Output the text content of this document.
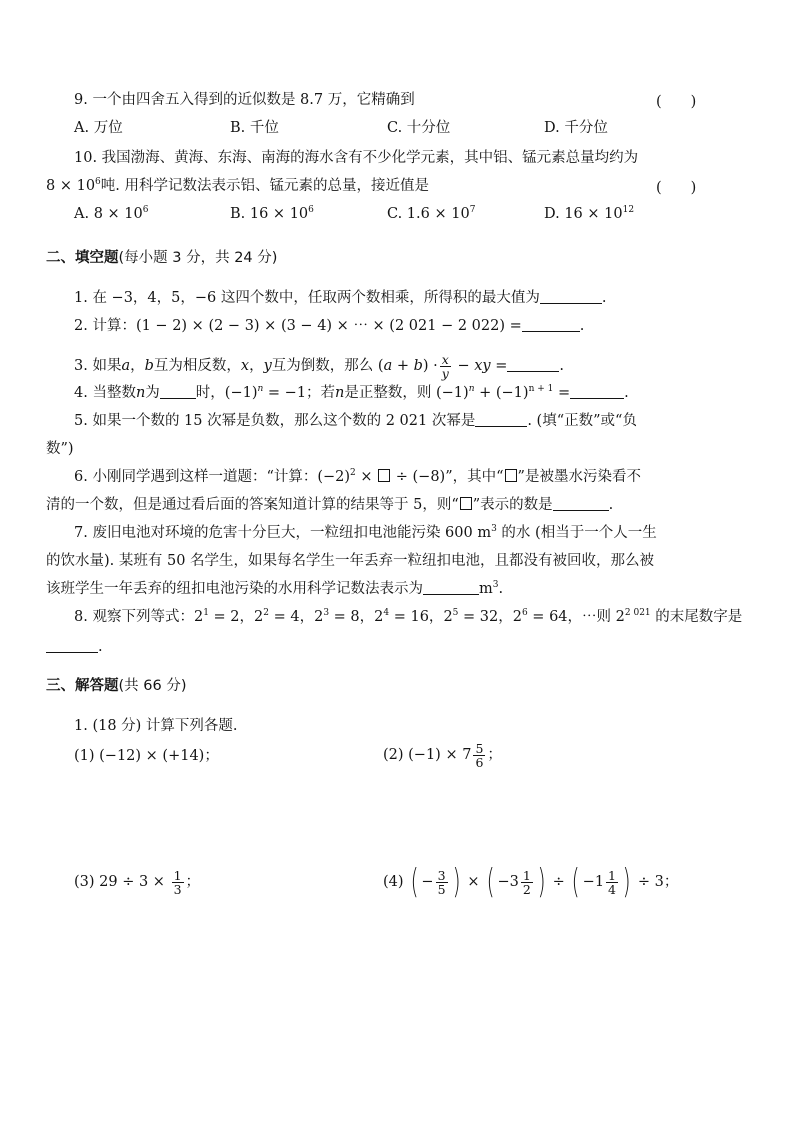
9. 一个由四舍五入得到的近似数是 8.7 万，它精确到	(　　)
A. 万位	B. 千位	C. 十分位	D. 千分位
10. 我国渤海、黄海、东海、南海的海水含有不少化学元素，其中铝、锰元素总量均约为
$8 \times 10^6$吨. 用科学记数法表示铝、锰元素的总量，接近值是	(　　)
A. $8 \times 10^6$	B. $16 \times 10^6$	C. $1.6 \times 10^7$	D. $16 \times 10^{12}$
二、填空题(每小题 3 分，共 24 分)
1. 在 −3，4，5，−6 这四个数中，任取两个数相乘，所得积的最大值为	.
2. 计算：(1 − 2) × (2 − 3) × (3 − 4) × ⋯ × (2 021 − 2 022) =	.
3. 如果a，b互为相反数，x，y互为倒数，那么 $(a + b) \cdot \frac{x}{y}$ − xy =	.
4. 当整数n为 时，$(-1)^n = -1$；若n是正整数，则 $(-1)^n + (-1)^{n + 1}$ =	.
5. 如果一个数的 15 次幂是负数，那么这个数的 2 021 次幂是	. (填“正数”或“负
数”)
6. 小刚同学遇到这样一道题：“计算：$(-2)^2$ ×  ÷ (−8)”，其中“ ”是被墨水污染看不
清的一个数，但是通过看后面的答案知道计算的结果等于 5，则“ ”表示的数是	.
7. 废旧电池对环境的危害十分巨大，一粒纽扣电池能污染 600 $m^3$ 的水 (相当于一个人一生
的饮水量). 某班有 50 名学生，如果每名学生一年丢弃一粒纽扣电池，且都没有被回收，那么被
该班学生一年丢弃的纽扣电池污染的水用科学记数法表示为	$m^3$.
8. 观察下列等式：$2^1 = 2$，$2^2 = 4$，$2^3 = 8$，$2^4 = 16$，$2^5 = 32$，$2^6 = 64$，⋯则 $2^{2 021}$ 的末尾数字是
.
三、解答题(共 66 分)
1. (18 分) 计算下列各题.
(1) (−12) × (+14)；	(2) $(-1) \times 7 \frac{5}{6}$ ；
(3) $29 \div 3 \times \frac{1}{3}$ ；	(4) ( − $\frac{3}{5}$ ) × ( $-3 \frac{1}{2}$ ) ÷ ( $-1 \frac{1}{4}$ ) ÷ 3；
